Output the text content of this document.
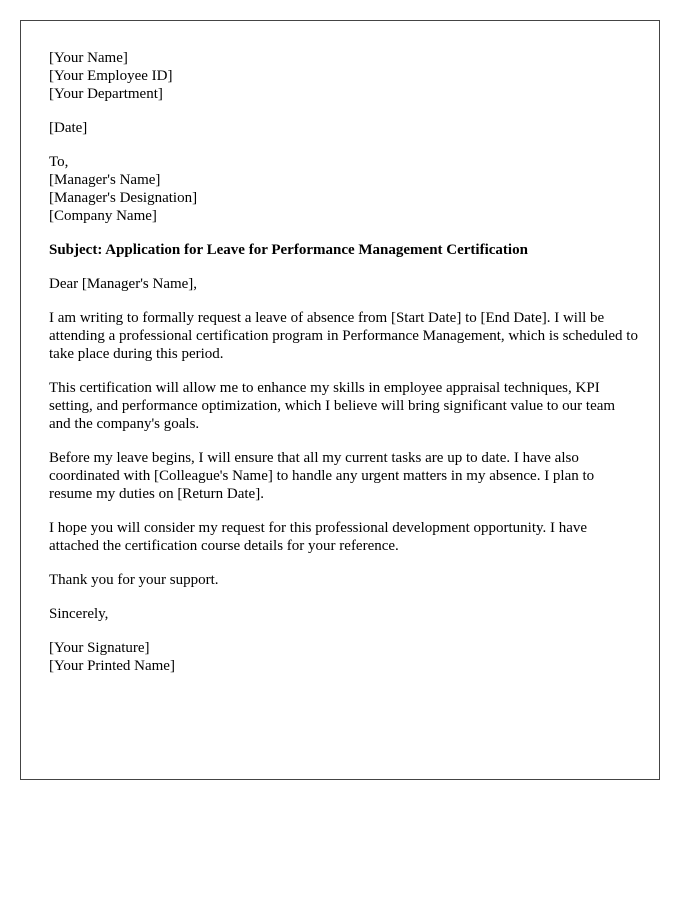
[Your Name]
[Your Employee ID]
[Your Department]
[Date]
To,
[Manager's Name]
[Manager's Designation]
[Company Name]
Subject: Application for Leave for Performance Management Certification
Dear [Manager's Name],
I am writing to formally request a leave of absence from [Start Date] to [End Date]. I will be attending a professional certification program in Performance Management, which is scheduled to take place during this period.
This certification will allow me to enhance my skills in employee appraisal techniques, KPI setting, and performance optimization, which I believe will bring significant value to our team and the company's goals.
Before my leave begins, I will ensure that all my current tasks are up to date. I have also coordinated with [Colleague's Name] to handle any urgent matters in my absence. I plan to resume my duties on [Return Date].
I hope you will consider my request for this professional development opportunity. I have attached the certification course details for your reference.
Thank you for your support.
Sincerely,
[Your Signature]
[Your Printed Name]
